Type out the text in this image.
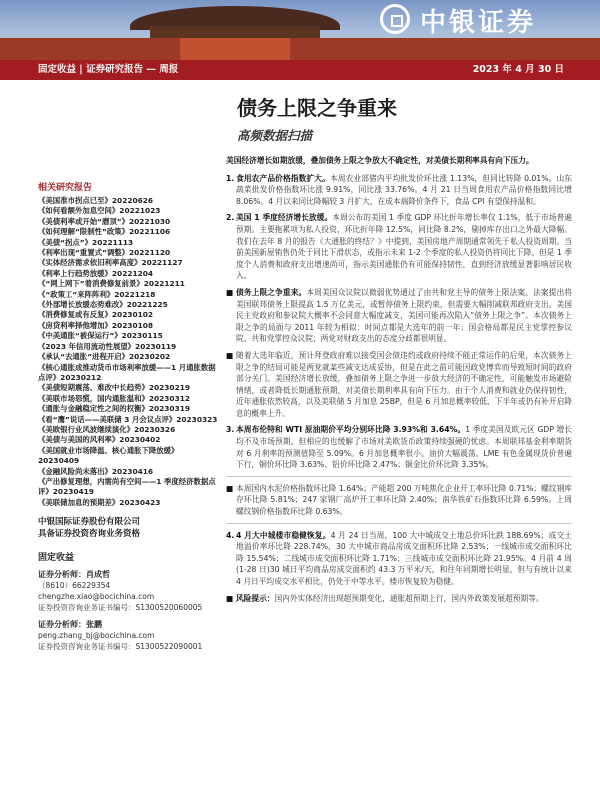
中银证券
固定收益 | 证券研究报告 — 周报	2023 年 4 月 30 日
债务上限之争重来
高频数据扫描
相关研究报告
《美国准市拐点已至》20220626
《如何看额外加息空间》20221023
《美债利率或开始“磨顶”》20221030
《如何理解“限制性”政策》20221106
《美债“拐点”》20221113
《利率出现“重置式”调整》20221120
《实体经济需求依旧利率高度》20221127
《利率上行趋势放缓》20221204
《“网上网下”着消费修复前景》20221211
《“政策工”来阵阵利》20221218
《外部增长放缓态势难改》20221225
《消费修复或有反复》20230102
《房贷利率择他增加》20230108
《中美通胀“被保运行”》20230115
《2023 年信用流动性展望》20230119
《承认“去通胀”进程开启》20230202
《核心通胀成推动货币市场利率放缓——1 月通胀数据点评》20230212
《美债短期震荡、难改中长趋势》20230219
《美联市场怒慌，国内通胀温和》20230312
《通胀与金融稳定性之间的权衡》20230319
《看“鹰”说话——美联储 3 月会议点评》20230323
《美欧银行业风波继续演化》20230326
《美债与美国的风利率》20230402
《美国就业市场降温、核心通胀下降放缓》20230409
《金融风险尚未落出》20230416
《产出修复理想，内需尚有空间——1 季度经济数据点评》20230419
《美联储加息的预期差》20230423
中银国际证券股份有限公司
具备证券投资咨询业务资格
固定收益
证券分析师：肖成哲
（8610）66229354
chengzhe.xiao@bocichina.com
证券投资咨询业务证书编号：S1300520060005
证券分析师：张鹏
peng.zhang_bj@bocichina.com
证券投资咨询业务证书编号：S1300522090001

美国经济增长如期放缓，叠加债务上限之争放大不确定性，对美债长期利率具有向下压力。

1. 食用农产品价格指数扩大。本周农业部猪内平均批发价环比涨 1.13%，但同比转降 0.01%。山东蔬菜批发价格指数环比涨 9.91%，同比涨 33.76%。4 月 21 日当周食用农产品价格指数同比增 8.06%。4 月以来同比降幅较 3 月扩大，在成本端降价条件下，食品 CPI 有望保持温和。

2. 美国 1 季度经济增长放缓。本周公布的美国 1 季度 GDP 环比折年增长率仅 1.1%，低于市场普遍预期。主要拖累项为私人投资，环比折年降 12.5%，同比降 8.2%，剔掉库存出口之外最大降幅。我们在去年 8 月的报告《大通胀的终结？》中提到，美国房地产周期通常领先于私人投资周期。当前美国新屋销售仍处于同比下滑状态，或指示未来 1-2 个季度的私人投资仍将同比下降。但是 1 季度个人消费和政府支出增速尚可，指示美国通胀仍有可能保持韧性，直到经济放缓显著影响居民收入。

■ 债务上限之争重来。本周美国众议院以微弱优势通过了由共和党主导的债务上限法案。法案提出将美国联邦债务上限提高 1.5 万亿美元，或暂停债务上限约束，但需要大幅削减联邦政府支出。美国民主党政府和参议院大概率不会同意大幅度减支，美国可能再次陷入“债务上限之争”。本次债务上限之争的局面与 2011 年较为相似：时间点都是大选年的前一年；国会格局都是民主党掌控参议院、共和党掌控众议院；两党对财政支出的态度分歧都很明显。

■ 随着大选年临近，预计拜登政府难以接受国会债违约或政府持续不能正常运作的后果，本次债务上限之争的结局可能是两党就某些减支达成妥协，但是在此之前可能因政党博弈而导致短时间的政府部分关门。美国经济增长放缓，叠加债务上限之争进一步放大经济的不确定性，可能触发市场避险情绪，或者降低长期通胀预期，对美债长期利率具有向下压力。由于个人消费和就业仍保持韧性，近年通胀依然较高，以及美联储 5 月加息 25BP，但是 6 月加息概率较低、下半年或仍有补开启降息的概率上升。

3. 本周布伦特和 WTI 原油期价平均分别环比降 3.93%和 3.64%。1 季度美国及欧元区 GDP 增长均不及市场预期，但相应的也缓解了市场对美欧货币政策持续强硬的忧虑。本周联邦基金利率期货对 6 月利率的预测值降至 5.09%。6 月加息概率很小。油价大幅震荡。LME 有色金属现货价普遍下行，铜价环比降 3.63%、铝价环比降 2.47%；铜金比价环比降 3.35%。

■ 本周国内水泥价格指数环比降 1.64%；产能超 200 万吨焦化企业开工率环比降 0.71%；螺纹钢库存环比降 5.81%；247 家钢厂高炉开工率环比降 2.40%；南华铁矿石指数环比降 6.59%。上周螺纹钢价格指数环比降 0.63%。

4. 4 月大中城楼市稳健恢复。4 月 24 日当周，100 大中城成交土地总价环比跌 188.69%；成交土地溢价率环比降 228.74%，30 大中城市商品房成交面积环比降 2.53%；一线城市成交面积环比降 15.54%；二线城市成交面积环比降 1.71%；三线城市成交面积环比降 21.95%。4 月前 4 周(1-28 日)30 城日平均商品房成交面积约 43.3 万平米/天，和往年同期增长明显，但与有统计以来 4 月日平均成交水平相比，仍处于中等水平。楼市恢复较为稳健。

■ 风险提示：国内外实体经济出现超预期变化，通胀超预期上行，国内外政策发展超预期等。
